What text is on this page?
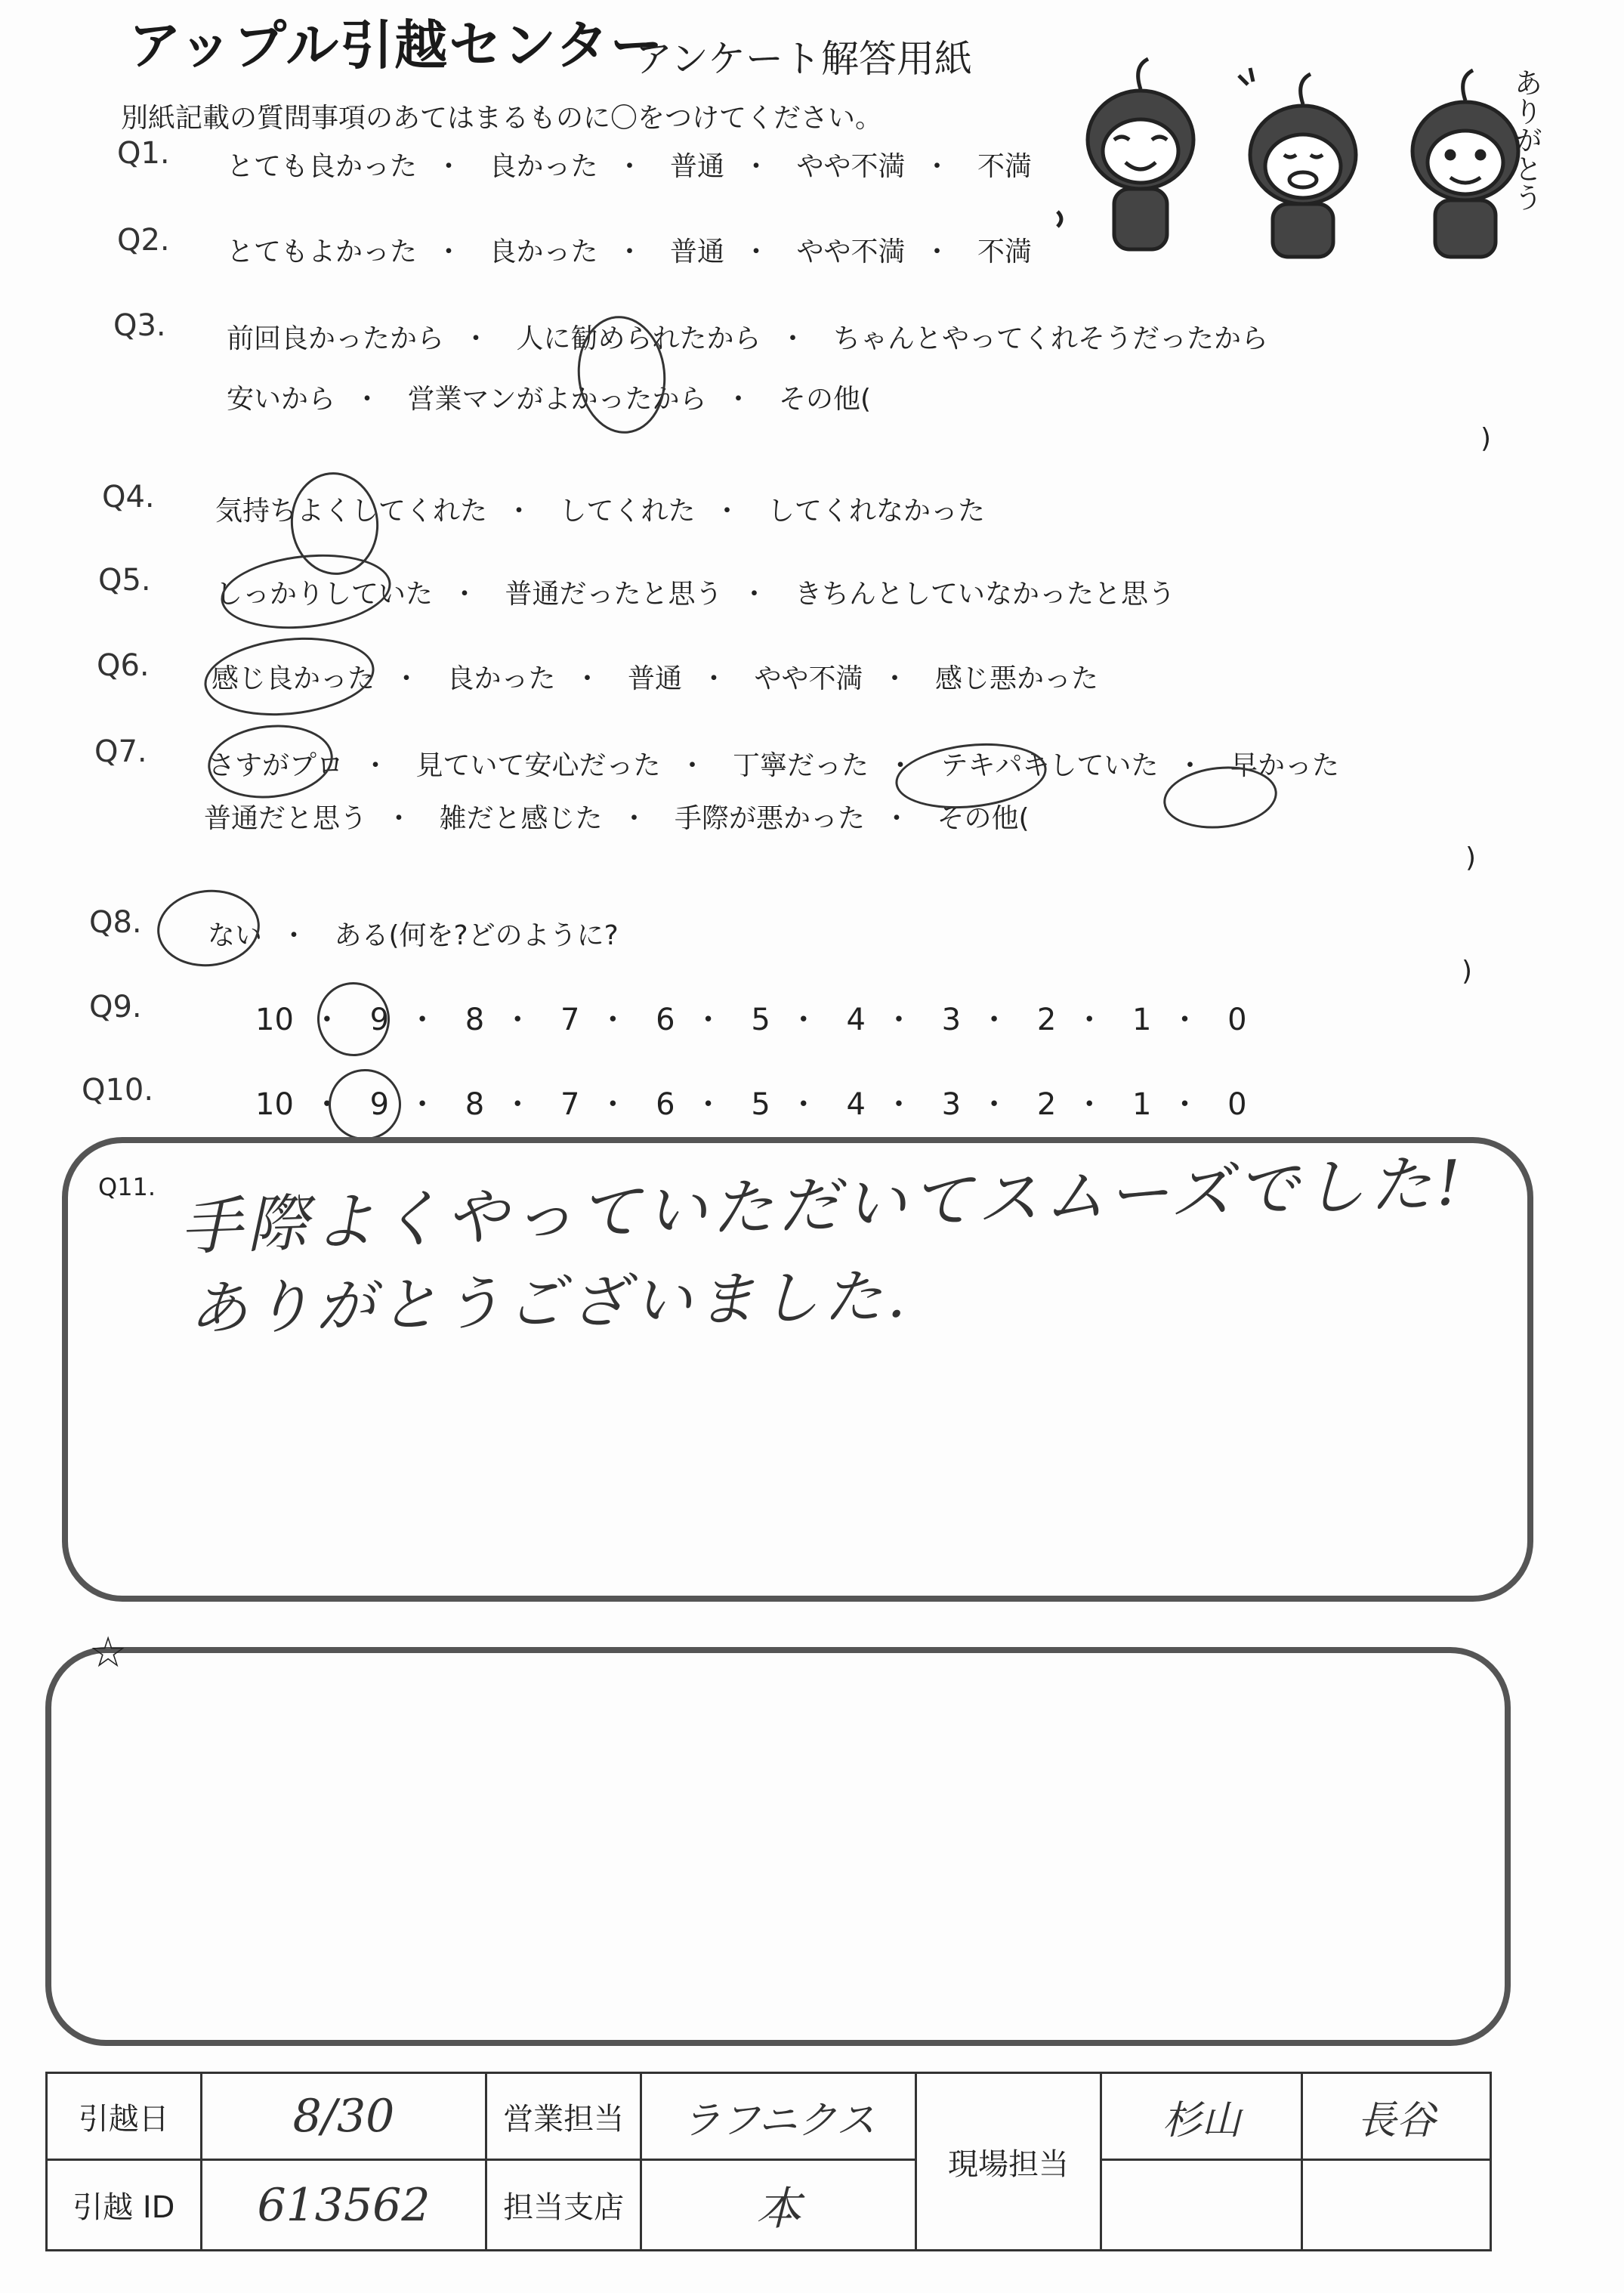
アップル引越センター
アンケート解答用紙
別紙記載の質問事項のあてはまるものに〇をつけてください。	ありがとう
Q1. とても良かった ・ 良かった ・ 普通 ・ やや不満 ・ 不満
Q2. とてもよかった ・ 良かった ・ 普通 ・ やや不満 ・ 不満
Q3. 前回良かったから ・ 人に勧められたから ・ ちゃんとやってくれそうだったから
安いから ・ 営業マンがよかったから ・ その他(
)
Q4. 気持ちよくしてくれた ・ してくれた ・ してくれなかった
Q5. しっかりしていた ・ 普通だったと思う ・ きちんとしていなかったと思う
Q6. 感じ良かった ・ 良かった ・ 普通 ・ やや不満 ・ 感じ悪かった
Q7. さすがプロ ・ 見ていて安心だった ・ 丁寧だった ・ テキパキしていた ・ 早かった
普通だと思う ・ 雑だと感じた ・ 手際が悪かった ・ その他(
)
Q8. ない ・ ある(何を?どのように?
)
Q9.	10 ・ 9 ・ 8 ・ 7 ・ 6 ・ 5 ・ 4 ・ 3 ・ 2 ・ 1 ・ 0
Q10.	10 ・ 9 ・ 8 ・ 7 ・ 6 ・ 5 ・ 4 ・ 3 ・ 2 ・ 1 ・ 0
Q11. 手際よくやっていただいてスムーズでした!
ありがとうございました.
☆
引越日	8/30	営業担当	ラフニクス	現場担当	杉山	長谷
引越 ID	613562	担当支店	本			
